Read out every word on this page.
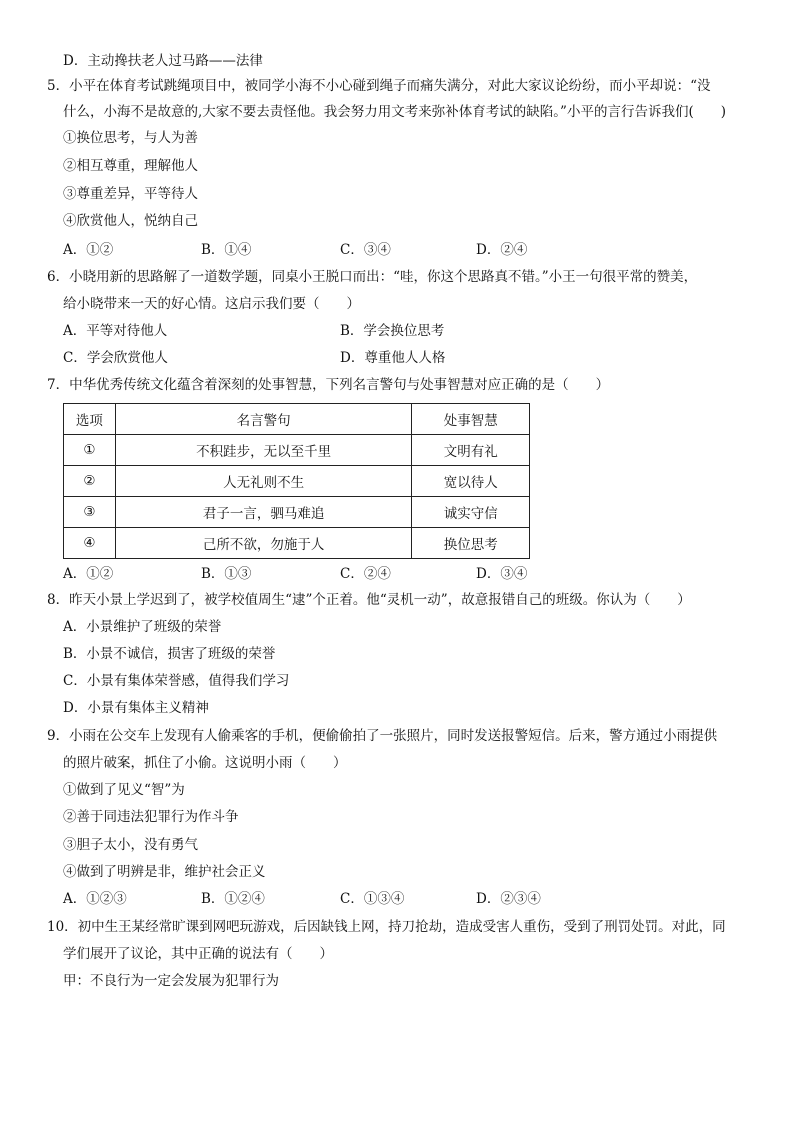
D．主动搀扶老人过马路——法律
5．小平在体育考试跳绳项目中，被同学小海不小心碰到绳子而痛失满分，对此大家议论纷纷，而小平却说：“没
什么，小海不是故意的,大家不要去责怪他。我会努力用文考来弥补体育考试的缺陷。”小平的言行告诉我们(　　)
①换位思考，与人为善
②相互尊重，理解他人
③尊重差异，平等待人
④欣赏他人，悦纳自己
A．①②	B．①④	C．③④	D．②④
6．小晓用新的思路解了一道数学题，同桌小王脱口而出：“哇，你这个思路真不错。”小王一句很平常的赞美，
给小晓带来一天的好心情。这启示我们要（　　）
A．平等对待他人	B．学会换位思考
C．学会欣赏他人	D．尊重他人人格
7．中华优秀传统文化蕴含着深刻的处事智慧，下列名言警句与处事智慧对应正确的是（　　）
选项	名言警句	处事智慧
①	不积跬步，无以至千里	文明有礼
②	人无礼则不生	宽以待人
③	君子一言，驷马难追	诚实守信
④	己所不欲，勿施于人	换位思考
A．①②	B．①③	C．②④	D．③④
8．昨天小景上学迟到了，被学校值周生“逮”个正着。他“灵机一动”，故意报错自己的班级。你认为（　　）
A．小景维护了班级的荣誉
B．小景不诚信，损害了班级的荣誉
C．小景有集体荣誉感，值得我们学习
D．小景有集体主义精神
9．小雨在公交车上发现有人偷乘客的手机，便偷偷拍了一张照片，同时发送报警短信。后来，警方通过小雨提供
的照片破案，抓住了小偷。这说明小雨（　　）
①做到了见义“智”为
②善于同违法犯罪行为作斗争
③胆子太小，没有勇气
④做到了明辨是非，维护社会正义
A．①②③	B．①②④	C．①③④	D．②③④
10．初中生王某经常旷课到网吧玩游戏，后因缺钱上网，持刀抢劫，造成受害人重伤，受到了刑罚处罚。对此，同
学们展开了议论，其中正确的说法有（　　）
甲：不良行为一定会发展为犯罪行为
